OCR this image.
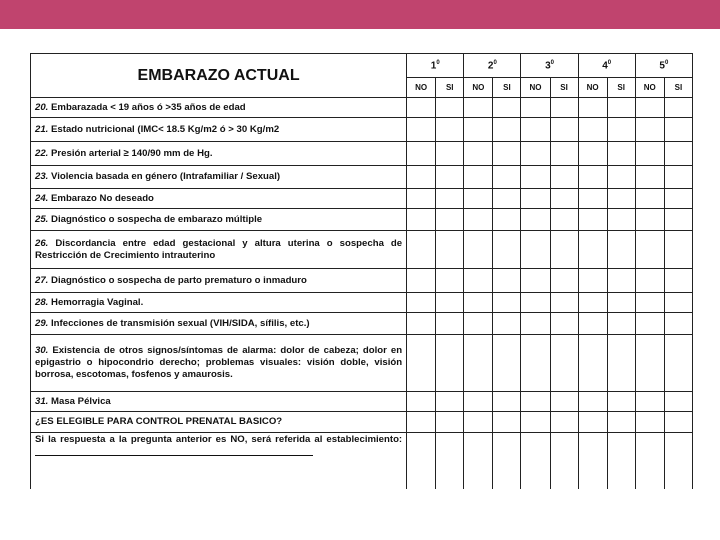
EMBARAZO ACTUAL	$1^0$		$2^0$		$3^0$		$4^0$		$5^0$
	NO	SI	NO	SI	NO	SI	NO	SI	NO	SI
20. Embarazada < 19 años ó >35 años de edad										
21. Estado nutricional (IMC< 18.5 Kg/m2 ó > 30 Kg/m2										
22. Presión arterial ≥ 140/90 mm de Hg.										
23. Violencia basada en género (Intrafamiliar / Sexual)										
24. Embarazo No deseado										
25. Diagnóstico o sospecha de embarazo múltiple										
26. Discordancia entre edad gestacional y altura uterina o sospecha de Restricción de Crecimiento intrauterino										
27. Diagnóstico o sospecha de parto prematuro o inmaduro										
28. Hemorragia Vaginal.										
29. Infecciones de transmisión sexual (VIH/SIDA, sífilis, etc.)										
30. Existencia de otros signos/síntomas de alarma: dolor de cabeza; dolor en epigastrio o hipocondrio derecho; problemas visuales: visión doble, visión borrosa, escotomas, fosfenos y amaurosis.										
31. Masa Pélvica										
¿ES ELEGIBLE PARA CONTROL PRENATAL BASICO?										
Si la respuesta a la pregunta anterior es NO, será referida al establecimiento:										
